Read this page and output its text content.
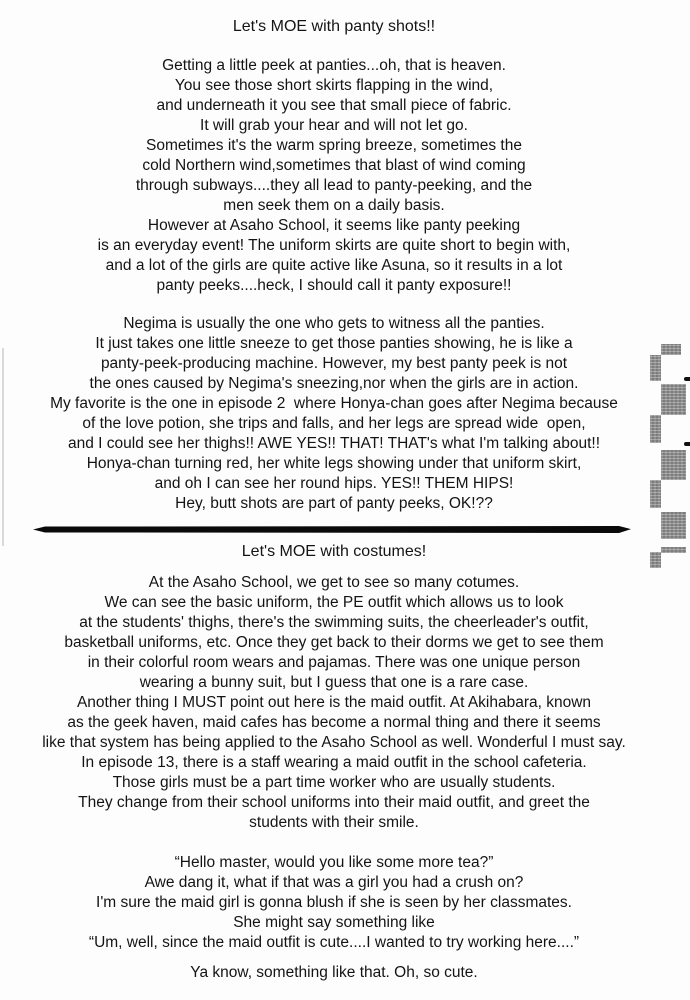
Let's MOE with panty shots!!
Getting a little peek at panties...oh, that is heaven.
You see those short skirts flapping in the wind,
and underneath it you see that small piece of fabric.
It will grab your hear and will not let go.
Sometimes it's the warm spring breeze, sometimes the
cold Northern wind,sometimes that blast of wind coming
through subways....they all lead to panty-peeking, and the
men seek them on a daily basis.
However at Asaho School, it seems like panty peeking
is an everyday event! The uniform skirts are quite short to begin with,
and a lot of the girls are quite active like Asuna, so it results in a lot
panty peeks....heck, I should call it panty exposure!!
Negima is usually the one who gets to witness all the panties.
It just takes one little sneeze to get those panties showing, he is like a
panty-peek-producing machine. However, my best panty peek is not
the ones caused by Negima's sneezing,nor when the girls are in action.
My favorite is the one in episode 2  where Honya-chan goes after Negima because
of the love potion, she trips and falls, and her legs are spread wide  open,
and I could see her thighs!! AWE YES!! THAT! THAT's what I'm talking about!!
Honya-chan turning red, her white legs showing under that uniform skirt,
and oh I can see her round hips. YES!! THEM HIPS!
Hey, butt shots are part of panty peeks, OK!??
Let's MOE with costumes!
At the Asaho School, we get to see so many cotumes.
We can see the basic uniform, the PE outfit which allows us to look
at the students' thighs, there's the swimming suits, the cheerleader's outfit,
basketball uniforms, etc. Once they get back to their dorms we get to see them
in their colorful room wears and pajamas. There was one unique person
wearing a bunny suit, but I guess that one is a rare case.
Another thing I MUST point out here is the maid outfit. At Akihabara, known
as the geek haven, maid cafes has become a normal thing and there it seems
like that system has being applied to the Asaho School as well. Wonderful I must say.
In episode 13, there is a staff wearing a maid outfit in the school cafeteria.
Those girls must be a part time worker who are usually students.
They change from their school uniforms into their maid outfit, and greet the
students with their smile.
“Hello master, would you like some more tea?”
Awe dang it, what if that was a girl you had a crush on?
I'm sure the maid girl is gonna blush if she is seen by her classmates.
She might say something like
“Um, well, since the maid outfit is cute....I wanted to try working here....”
Ya know, something like that. Oh, so cute.
